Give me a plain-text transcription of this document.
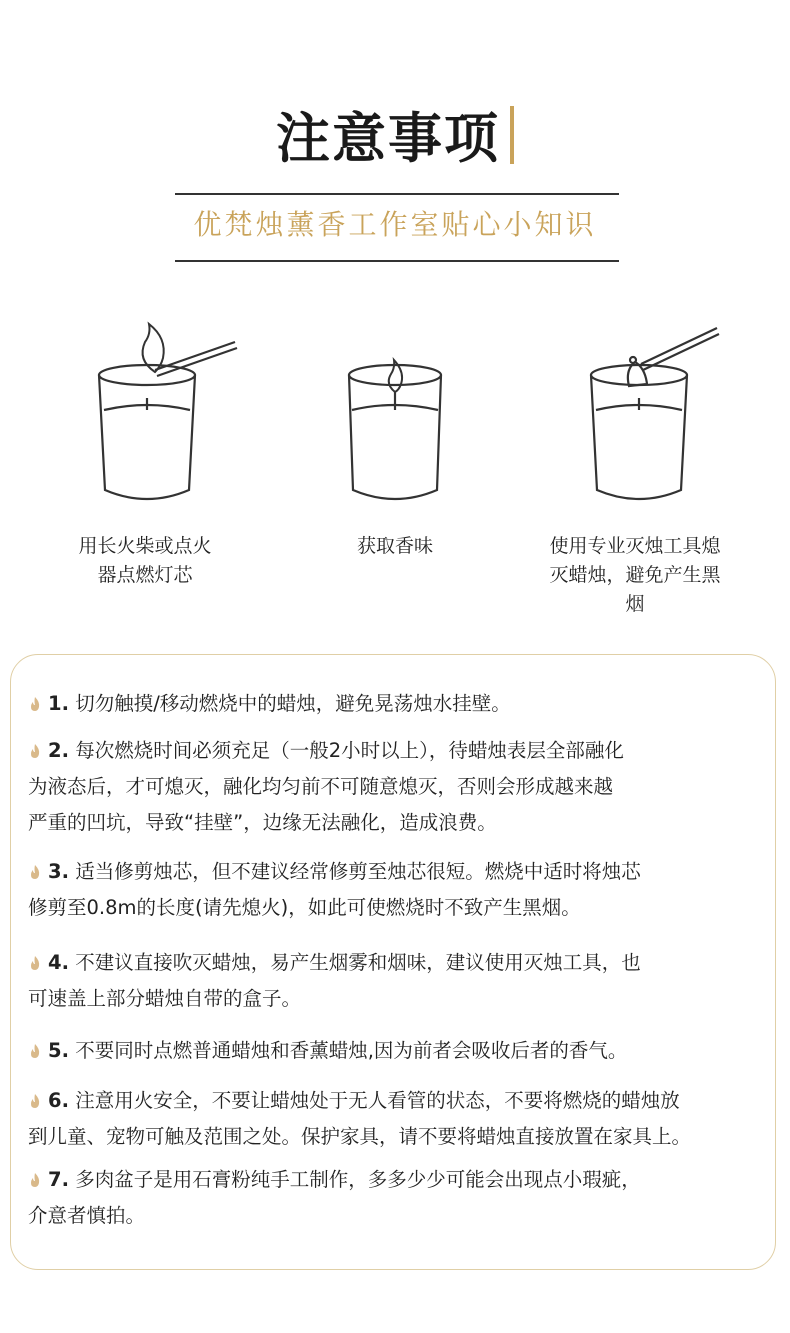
注意事项
优梵烛薰香工作室贴心小知识
用长火柴或点火
器点燃灯芯
获取香味	使用专业灭烛工具熄
灭蜡烛，避免产生黑
烟
1. 切勿触摸/移动燃烧中的蜡烛，避免晃荡烛水挂壁。
2. 每次燃烧时间必须充足（一般2小时以上），待蜡烛表层全部融化
为液态后，才可熄灭，融化均匀前不可随意熄灭，否则会形成越来越
严重的凹坑，导致“挂壁”，边缘无法融化，造成浪费。
3. 适当修剪烛芯，但不建议经常修剪至烛芯很短。燃烧中适时将烛芯
修剪至0.8m的长度(请先熄火)，如此可使燃烧时不致产生黑烟。
4. 不建议直接吹灭蜡烛，易产生烟雾和烟味，建议使用灭烛工具，也
可速盖上部分蜡烛自带的盒子。
5. 不要同时点燃普通蜡烛和香薰蜡烛,因为前者会吸收后者的香气。
6. 注意用火安全，不要让蜡烛处于无人看管的状态，不要将燃烧的蜡烛放
到儿童、宠物可触及范围之处。保护家具，请不要将蜡烛直接放置在家具上。
7. 多肉盆子是用石膏粉纯手工制作，多多少少可能会出现点小瑕疵，
介意者慎拍。
